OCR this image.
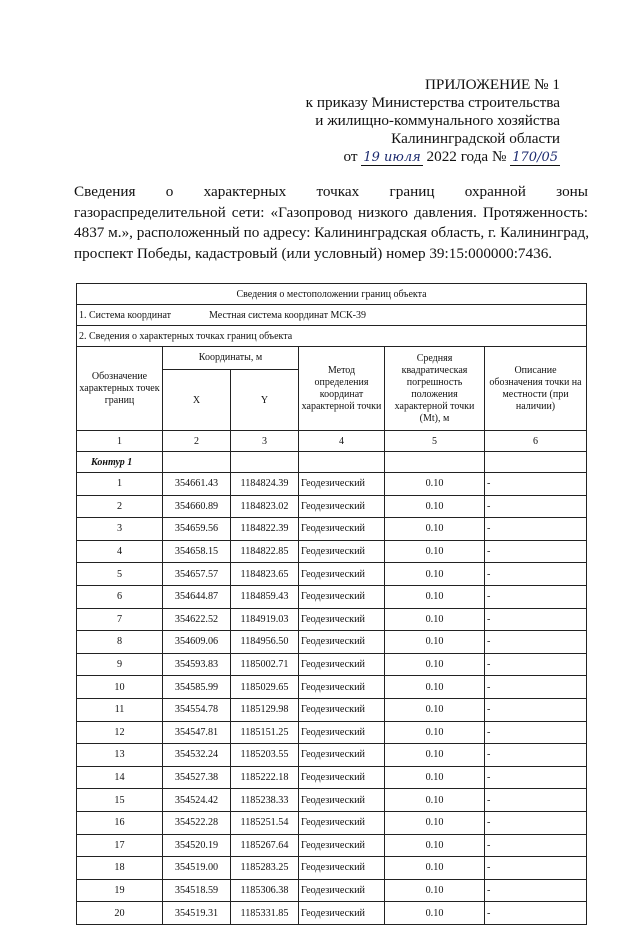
ПРИЛОЖЕНИЕ № 1
к приказу Министерства строительства
и жилищно-коммунального хозяйства
Калининградской области
от 19 июля 2022 года № 170/05
Сведения о характерных точках границ охранной зоны
газораспределительной сети: «Газопровод низкого давления. Протяженность:
4837 м.», расположенный по адресу: Калининградская область, г. Калининград,
проспект Победы, кадастровый (или условный) номер 39:15:000000:7436.
Сведения о местоположении границ объекта					
1. Система координат Местная система координат МСК-39					
2. Сведения о характерных точках границ объекта					
Обозначение характерных точек границ	Координаты, м		Метод определения координат характерной точки	Средняя квадратическая погрешность положения характерной точки (Mt), м	Описание обозначения точки на местности (при наличии)
	X	Y			
1	2	3	4	5	6
Контур 1					
1	354661.43	1184824.39	Геодезический	0.10	-
2	354660.89	1184823.02	Геодезический	0.10	-
3	354659.56	1184822.39	Геодезический	0.10	-
4	354658.15	1184822.85	Геодезический	0.10	-
5	354657.57	1184823.65	Геодезический	0.10	-
6	354644.87	1184859.43	Геодезический	0.10	-
7	354622.52	1184919.03	Геодезический	0.10	-
8	354609.06	1184956.50	Геодезический	0.10	-
9	354593.83	1185002.71	Геодезический	0.10	-
10	354585.99	1185029.65	Геодезический	0.10	-
11	354554.78	1185129.98	Геодезический	0.10	-
12	354547.81	1185151.25	Геодезический	0.10	-
13	354532.24	1185203.55	Геодезический	0.10	-
14	354527.38	1185222.18	Геодезический	0.10	-
15	354524.42	1185238.33	Геодезический	0.10	-
16	354522.28	1185251.54	Геодезический	0.10	-
17	354520.19	1185267.64	Геодезический	0.10	-
18	354519.00	1185283.25	Геодезический	0.10	-
19	354518.59	1185306.38	Геодезический	0.10	-
20	354519.31	1185331.85	Геодезический	0.10	-
